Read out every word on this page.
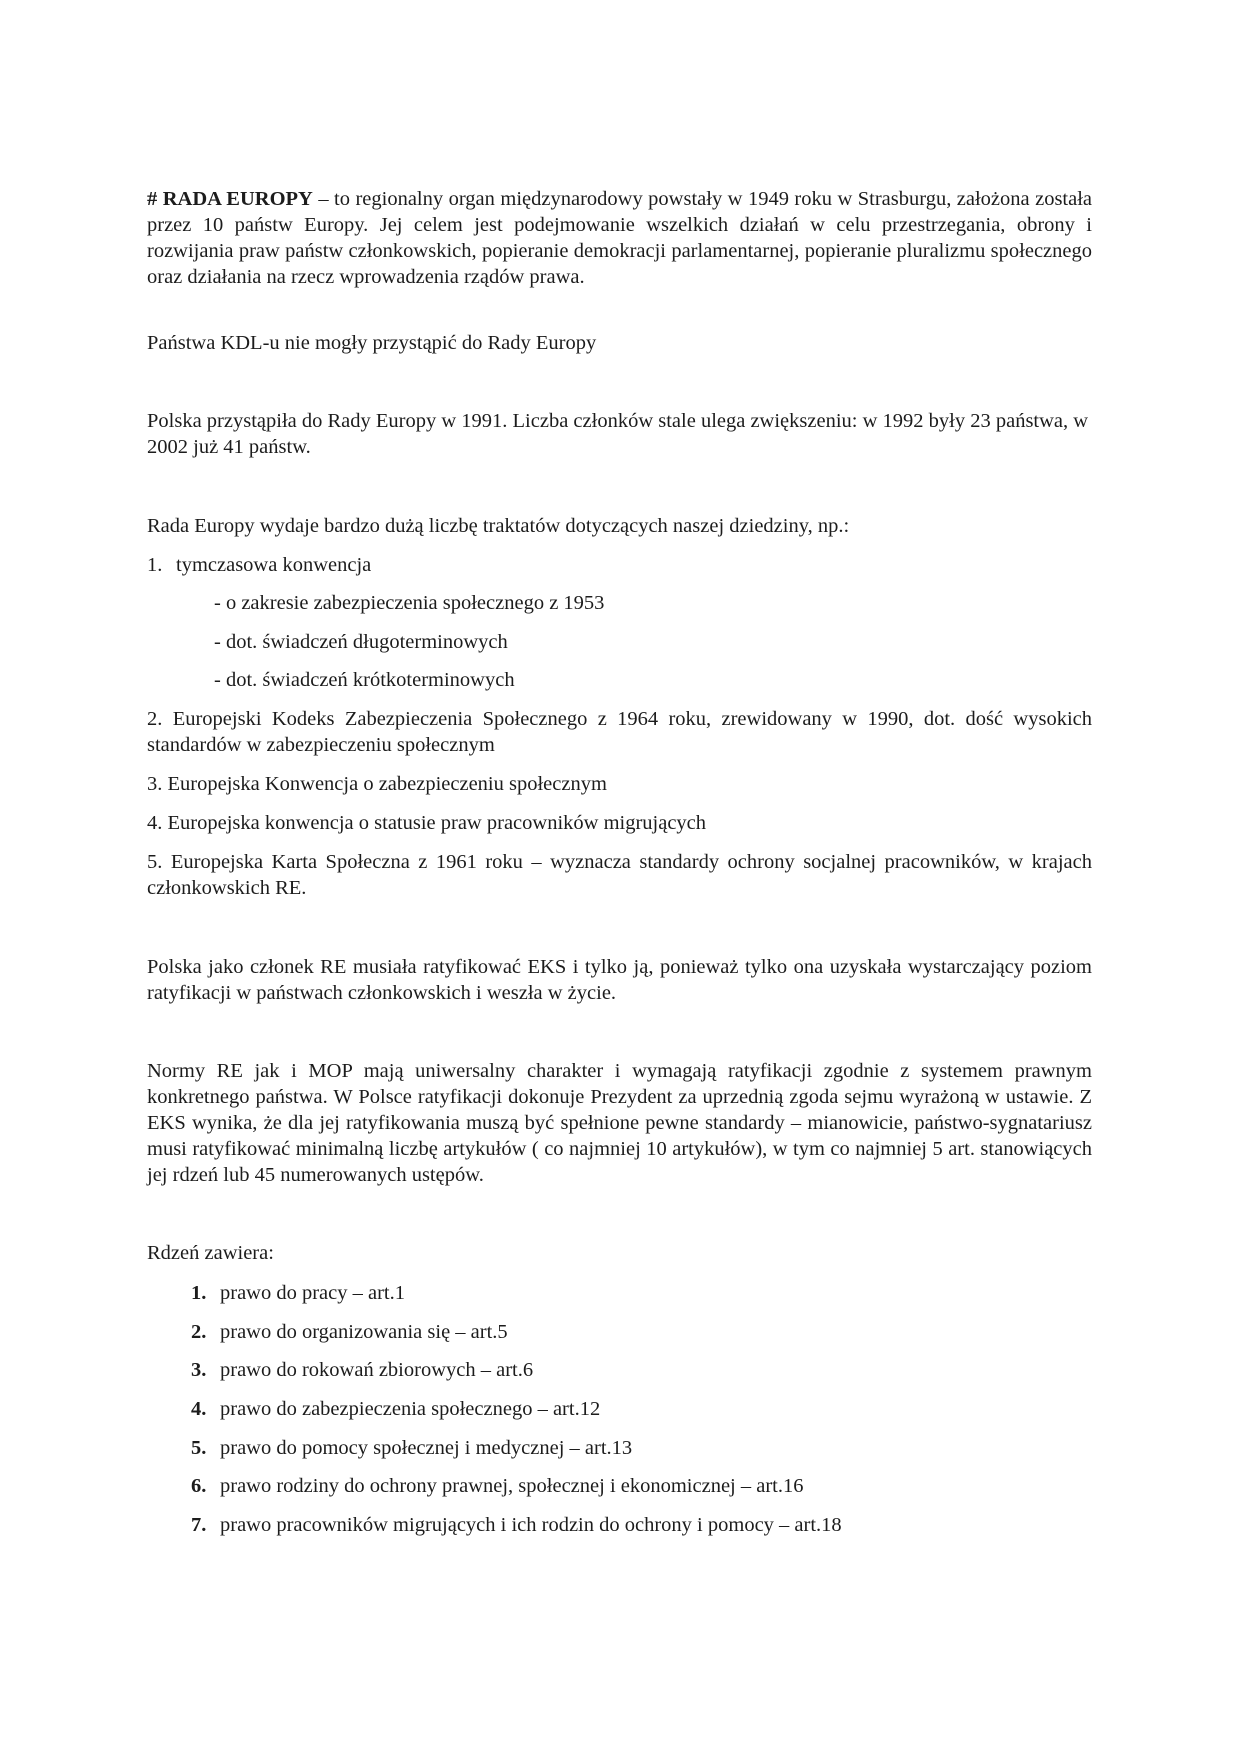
# RADA EUROPY – to regionalny organ międzynarodowy powstały w 1949 roku w Strasburgu, założona została przez 10 państw Europy. Jej celem jest podejmowanie wszelkich działań w celu przestrzegania, obrony i rozwijania praw państw członkowskich, popieranie demokracji parlamentarnej, popieranie pluralizmu społecznego oraz działania na rzecz wprowadzenia rządów prawa.

Państwa KDL-u nie mogły przystąpić do Rady Europy

Polska przystąpiła do Rady Europy w 1991. Liczba członków stale ulega zwiększeniu: w 1992 były 23 państwa, w 2002 już 41 państw.

Rada Europy wydaje bardzo dużą liczbę traktatów dotyczących naszej dziedziny, np.:

1. tymczasowa konwencja

- o zakresie zabezpieczenia społecznego z 1953

- dot. świadczeń długoterminowych

- dot. świadczeń krótkoterminowych

2. Europejski Kodeks Zabezpieczenia Społecznego z 1964 roku, zrewidowany w 1990, dot. dość wysokich standardów w zabezpieczeniu społecznym

3. Europejska Konwencja o zabezpieczeniu społecznym

4. Europejska konwencja o statusie praw pracowników migrujących

5. Europejska Karta Społeczna z 1961 roku – wyznacza standardy ochrony socjalnej pracowników, w krajach członkowskich RE.

Polska jako członek RE musiała ratyfikować EKS i tylko ją, ponieważ tylko ona uzyskała wystarczający poziom ratyfikacji w państwach członkowskich i weszła w życie.

Normy RE jak i MOP mają uniwersalny charakter i wymagają ratyfikacji zgodnie z systemem prawnym konkretnego państwa. W Polsce ratyfikacji dokonuje Prezydent za uprzednią zgoda sejmu wyrażoną w ustawie. Z EKS wynika, że dla jej ratyfikowania muszą być spełnione pewne standardy – mianowicie, państwo-sygnatariusz musi ratyfikować minimalną liczbę artykułów ( co najmniej 10 artykułów), w tym co najmniej 5 art. stanowiących jej rdzeń lub 45 numerowanych ustępów.

Rdzeń zawiera:

1. prawo do pracy – art.1

2. prawo do organizowania się – art.5

3. prawo do rokowań zbiorowych – art.6

4. prawo do zabezpieczenia społecznego – art.12

5. prawo do pomocy społecznej i medycznej – art.13

6. prawo rodziny do ochrony prawnej, społecznej i ekonomicznej – art.16

7. prawo pracowników migrujących i ich rodzin do ochrony i pomocy – art.18
